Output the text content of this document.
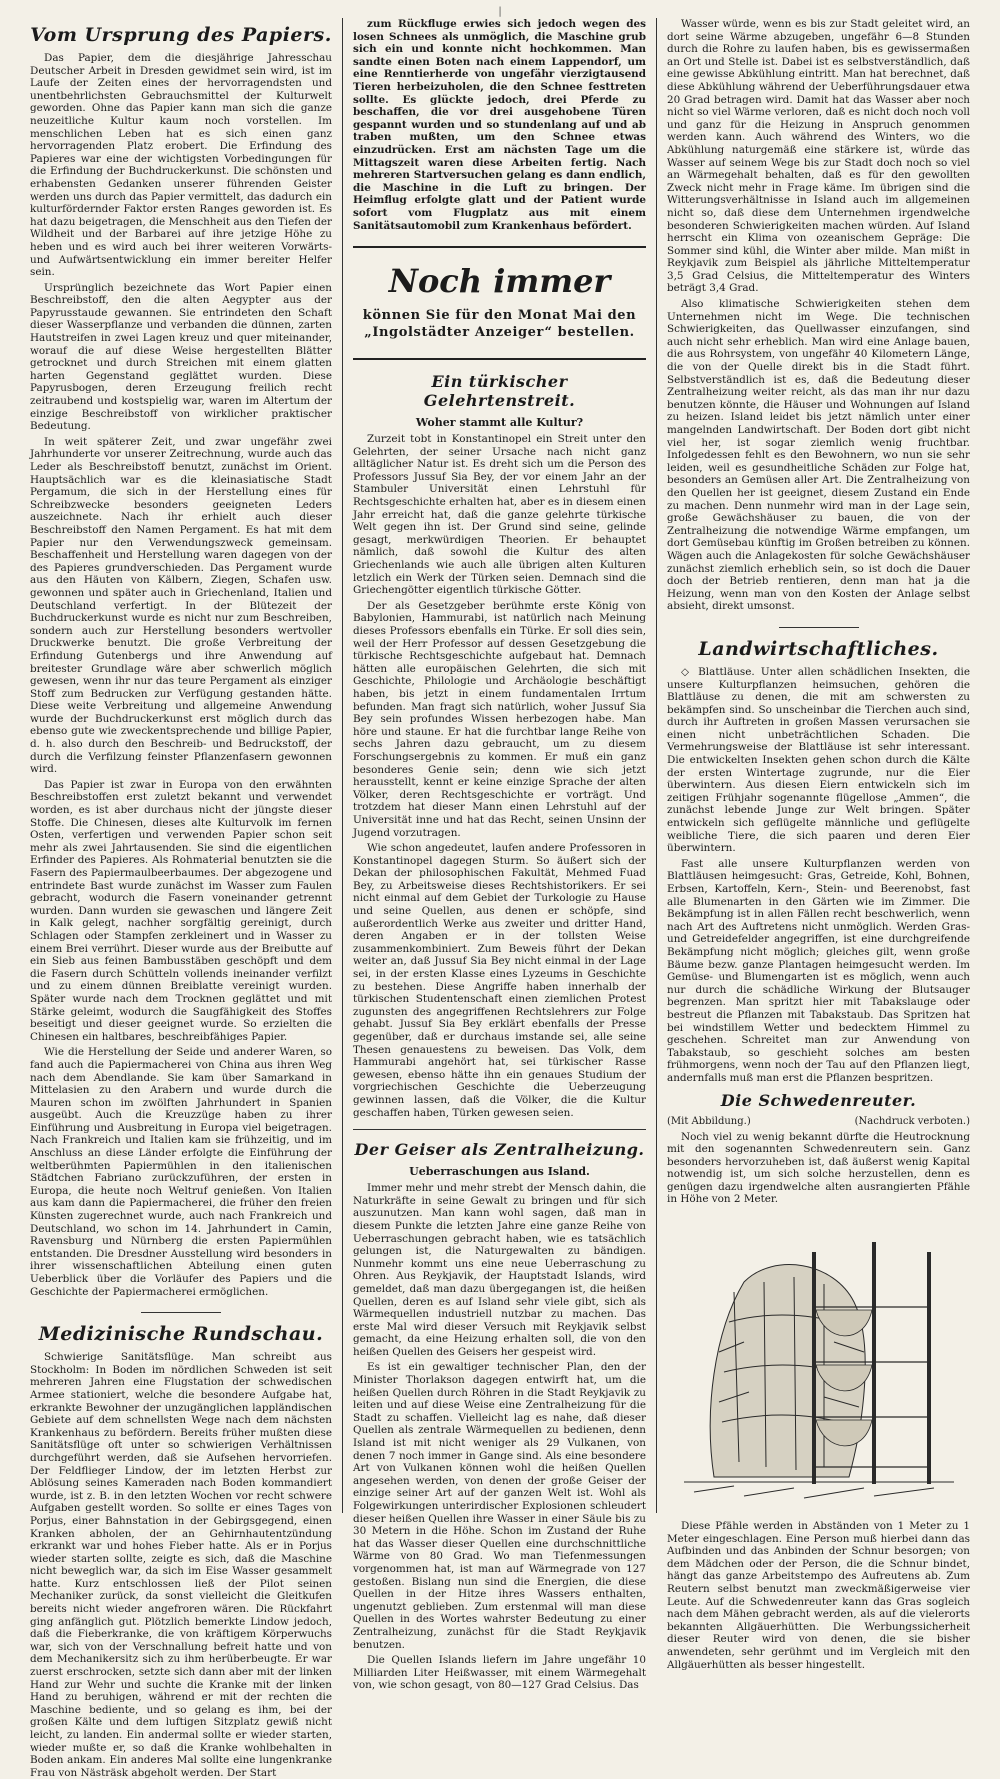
|
Vom Ursprung des Papiers.

Das Papier, dem die diesjährige Jahresschau Deutscher Arbeit in Dresden gewidmet sein wird, ist im Laufe der Zeiten eines der hervorragendsten und unentbehrlichsten Gebrauchsmittel der Kulturwelt geworden. Ohne das Papier kann man sich die ganze neuzeitliche Kultur kaum noch vorstellen. Im menschlichen Leben hat es sich einen ganz hervorragenden Platz erobert. Die Erfindung des Papieres war eine der wichtigsten Vorbedingungen für die Erfindung der Buchdruckerkunst. Die schönsten und erhabensten Gedanken unserer führenden Geister werden uns durch das Papier vermittelt, das dadurch ein kulturfördernder Faktor ersten Ranges geworden ist. Es hat dazu beigetragen, die Menschheit aus den Tiefen der Wildheit und der Barbarei auf ihre jetzige Höhe zu heben und es wird auch bei ihrer weiteren Vorwärts- und Aufwärtsentwicklung ein immer bereiter Helfer sein.

Ursprünglich bezeichnete das Wort Papier einen Beschreibstoff, den die alten Aegypter aus der Papyrusstaude gewannen. Sie entrindeten den Schaft dieser Wasserpflanze und verbanden die dünnen, zarten Hautstreifen in zwei Lagen kreuz und quer miteinander, worauf die auf diese Weise hergestellten Blätter getrocknet und durch Streichen mit einem glatten harten Gegenstand geglättet wurden. Diese Papyrusbogen, deren Erzeugung freilich recht zeitraubend und kostspielig war, waren im Altertum der einzige Beschreibstoff von wirklicher praktischer Bedeutung.

In weit späterer Zeit, und zwar ungefähr zwei Jahrhunderte vor unserer Zeitrechnung, wurde auch das Leder als Beschreibstoff benutzt, zunächst im Orient. Hauptsächlich war es die kleinasiatische Stadt Pergamum, die sich in der Herstellung eines für Schreibzwecke besonders geeigneten Leders auszeichnete. Nach ihr erhielt auch dieser Beschreibstoff den Namen Pergament. Es hat mit dem Papier nur den Verwendungszweck gemeinsam. Beschaffenheit und Herstellung waren dagegen von der des Papieres grundverschieden. Das Pergament wurde aus den Häuten von Kälbern, Ziegen, Schafen usw. gewonnen und später auch in Griechenland, Italien und Deutschland verfertigt. In der Blütezeit der Buchdruckerkunst wurde es nicht nur zum Beschreiben, sondern auch zur Herstellung besonders wertvoller Druckwerke benutzt. Die große Verbreitung der Erfindung Gutenbergs und ihre Anwendung auf breitester Grundlage wäre aber schwerlich möglich gewesen, wenn ihr nur das teure Pergament als einziger Stoff zum Bedrucken zur Verfügung gestanden hätte. Diese weite Verbreitung und allgemeine Anwendung wurde der Buchdruckerkunst erst möglich durch das ebenso gute wie zweckentsprechende und billige Papier, d. h. also durch den Beschreib- und Bedruckstoff, der durch die Verfilzung feinster Pflanzenfasern gewonnen wird.

Das Papier ist zwar in Europa von den erwähnten Beschreibstoffen erst zuletzt bekannt und verwendet worden, es ist aber durchaus nicht der jüngste dieser Stoffe. Die Chinesen, dieses alte Kulturvolk im fernen Osten, verfertigen und verwenden Papier schon seit mehr als zwei Jahrtausenden. Sie sind die eigentlichen Erfinder des Papieres. Als Rohmaterial benutzten sie die Fasern des Papiermaulbeerbaumes. Der abgezogene und entrindete Bast wurde zunächst im Wasser zum Faulen gebracht, wodurch die Fasern voneinander getrennt wurden. Dann wurden sie gewaschen und längere Zeit in Kalk gelegt, nachher sorgfältig gereinigt, durch Schlagen oder Stampfen zerkleinert und in Wasser zu einem Brei verrührt. Dieser wurde aus der Breibutte auf ein Sieb aus feinen Bambusstäben geschöpft und dem die Fasern durch Schütteln vollends ineinander verfilzt und zu einem dünnen Breiblatte vereinigt wurden. Später wurde nach dem Trocknen geglättet und mit Stärke geleimt, wodurch die Saugfähigkeit des Stoffes beseitigt und dieser geeignet wurde. So erzielten die Chinesen ein haltbares, beschreibfähiges Papier.

Wie die Herstellung der Seide und anderer Waren, so fand auch die Papiermacherei von China aus ihren Weg nach dem Abendlande. Sie kam über Samarkand in Mittelasien zu den Arabern und wurde durch die Mauren schon im zwölften Jahrhundert in Spanien ausgeübt. Auch die Kreuzzüge haben zu ihrer Einführung und Ausbreitung in Europa viel beigetragen. Nach Frankreich und Italien kam sie frühzeitig, und im Anschluss an diese Länder erfolgte die Einführung der weltberühmten Papiermühlen in den italienischen Städtchen Fabriano zurückzuführen, der ersten in Europa, die heute noch Weltruf genießen. Von Italien aus kam dann die Papiermacherei, die früher den freien Künsten zugerechnet wurde, auch nach Frankreich und Deutschland, wo schon im 14. Jahrhundert in Camin, Ravensburg und Nürnberg die ersten Papiermühlen entstanden. Die Dresdner Ausstellung wird besonders in ihrer wissenschaftlichen Abteilung einen guten Ueberblick über die Vorläufer des Papiers und die Geschichte der Papiermacherei ermöglichen.

Medizinische Rundschau.

Schwierige Sanitätsflüge. Man schreibt aus Stockholm: In Boden im nördlichen Schweden ist seit mehreren Jahren eine Flugstation der schwedischen Armee stationiert, welche die besondere Aufgabe hat, erkrankte Bewohner der unzugänglichen lappländischen Gebiete auf dem schnellsten Wege nach dem nächsten Krankenhaus zu befördern. Bereits früher mußten diese Sanitätsflüge oft unter so schwierigen Verhältnissen durchgeführt werden, daß sie Aufsehen hervorriefen. Der Feldflieger Lindow, der im letzten Herbst zur Ablösung seines Kameraden nach Boden kommandiert wurde, ist z. B. in den letzten Wochen vor recht schwere Aufgaben gestellt worden. So sollte er eines Tages von Porjus, einer Bahnstation in der Gebirgsgegend, einen Kranken abholen, der an Gehirnhautentzündung erkrankt war und hohes Fieber hatte. Als er in Porjus wieder starten sollte, zeigte es sich, daß die Maschine nicht beweglich war, da sich im Eise Wasser gesammelt hatte. Kurz entschlossen ließ der Pilot seinen Mechaniker zurück, da sonst vielleicht die Gleitkufen bereits nicht wieder angefroren wären. Die Rückfahrt ging anfänglich gut. Plötzlich bemerkte Lindow jedoch, daß die Fieberkranke, die von kräftigem Körperwuchs war, sich von der Verschnallung befreit hatte und von dem Mechanikersitz sich zu ihm herüberbeugte. Er war zuerst erschrocken, setzte sich dann aber mit der linken Hand zur Wehr und suchte die Kranke mit der linken Hand zu beruhigen, während er mit der rechten die Maschine bediente, und so gelang es ihm, bei der großen Kälte und dem luftigen Sitzplatz gewiß nicht leicht, zu landen. Ein andermal sollte er wieder starten, wieder mußte er, so daß die Kranke wohlbehalten in Boden ankam. Ein anderes Mal sollte eine lungenkranke Frau von Nästräsk abgeholt werden. Der Start

zum Rückfluge erwies sich jedoch wegen des losen Schnees als unmöglich, die Maschine grub sich ein und konnte nicht hochkommen. Man sandte einen Boten nach einem Lappendorf, um eine Renntierherde von ungefähr vierzigtausend Tieren herbeizuholen, die den Schnee festtreten sollte. Es glückte jedoch, drei Pferde zu beschaffen, die vor drei ausgehobene Türen gespannt wurden und so stundenlang auf und ab traben mußten, um den Schnee etwas einzudrücken. Erst am nächsten Tage um die Mittagszeit waren diese Arbeiten fertig. Nach mehreren Startversuchen gelang es dann endlich, die Maschine in die Luft zu bringen. Der Heimflug erfolgte glatt und der Patient wurde sofort vom Flugplatz aus mit einem Sanitätsautomobil zum Krankenhaus befördert.

Noch immer
können Sie für den Monat Mai den
„Ingolstädter Anzeiger“ bestellen.
Ein türkischer Gelehrtenstreit.
Woher stammt alle Kultur?

Zurzeit tobt in Konstantinopel ein Streit unter den Gelehrten, der seiner Ursache nach nicht ganz alltäglicher Natur ist. Es dreht sich um die Person des Professors Jussuf Sia Bey, der vor einem Jahr an der Stambuler Universität einen Lehrstuhl für Rechtsgeschichte erhalten hat, aber es in diesem einen Jahr erreicht hat, daß die ganze gelehrte türkische Welt gegen ihn ist. Der Grund sind seine, gelinde gesagt, merkwürdigen Theorien. Er behauptet nämlich, daß sowohl die Kultur des alten Griechenlands wie auch alle übrigen alten Kulturen letzlich ein Werk der Türken seien. Demnach sind die Griechengötter eigentlich türkische Götter.

Der als Gesetzgeber berühmte erste König von Babylonien, Hammurabi, ist natürlich nach Meinung dieses Professors ebenfalls ein Türke. Er soll dies sein, weil der Herr Professor auf dessen Gesetzgebung die türkische Rechtsgeschichte aufgebaut hat. Demnach hätten alle europäischen Gelehrten, die sich mit Geschichte, Philologie und Archäologie beschäftigt haben, bis jetzt in einem fundamentalen Irrtum befunden. Man fragt sich natürlich, woher Jussuf Sia Bey sein profundes Wissen herbezogen habe. Man höre und staune. Er hat die furchtbar lange Reihe von sechs Jahren dazu gebraucht, um zu diesem Forschungsergebnis zu kommen. Er muß ein ganz besonderes Genie sein; denn wie sich jetzt herausstellt, kennt er keine einzige Sprache der alten Völker, deren Rechtsgeschichte er vorträgt. Und trotzdem hat dieser Mann einen Lehrstuhl auf der Universität inne und hat das Recht, seinen Unsinn der Jugend vorzutragen.

Wie schon angedeutet, laufen andere Professoren in Konstantinopel dagegen Sturm. So äußert sich der Dekan der philosophischen Fakultät, Mehmed Fuad Bey, zu Arbeitsweise dieses Rechtshistorikers. Er sei nicht einmal auf dem Gebiet der Turkologie zu Hause und seine Quellen, aus denen er schöpfe, sind außerordentlich Werke aus zweiter und dritter Hand, deren Angaben er in der tollsten Weise zusammenkombiniert. Zum Beweis führt der Dekan weiter an, daß Jussuf Sia Bey nicht einmal in der Lage sei, in der ersten Klasse eines Lyzeums in Geschichte zu bestehen. Diese Angriffe haben innerhalb der türkischen Studentenschaft einen ziemlichen Protest zugunsten des angegriffenen Rechtslehrers zur Folge gehabt. Jussuf Sia Bey erklärt ebenfalls der Presse gegenüber, daß er durchaus imstande sei, alle seine Thesen genauestens zu beweisen. Das Volk, dem Hammurabi angehört hat, sei türkischer Rasse gewesen, ebenso hätte ihn ein genaues Studium der vorgriechischen Geschichte die Ueberzeugung gewinnen lassen, daß die Völker, die die Kultur geschaffen haben, Türken gewesen seien.

Der Geiser als Zentralheizung.
Ueberraschungen aus Island.

Immer mehr und mehr strebt der Mensch dahin, die Naturkräfte in seine Gewalt zu bringen und für sich auszunutzen. Man kann wohl sagen, daß man in diesem Punkte die letzten Jahre eine ganze Reihe von Ueberraschungen gebracht haben, wie es tatsächlich gelungen ist, die Naturgewalten zu bändigen. Nunmehr kommt uns eine neue Ueberraschung zu Ohren. Aus Reykjavik, der Hauptstadt Islands, wird gemeldet, daß man dazu übergegangen ist, die heißen Quellen, deren es auf Island sehr viele gibt, sich als Wärmequellen industriell nutzbar zu machen. Das erste Mal wird dieser Versuch mit Reykjavik selbst gemacht, da eine Heizung erhalten soll, die von den heißen Quellen des Geisers her gespeist wird.

Es ist ein gewaltiger technischer Plan, den der Minister Thorlakson dagegen entwirft hat, um die heißen Quellen durch Röhren in die Stadt Reykjavik zu leiten und auf diese Weise eine Zentralheizung für die Stadt zu schaffen. Vielleicht lag es nahe, daß dieser Quellen als zentrale Wärmequellen zu bedienen, denn Island ist mit nicht weniger als 29 Vulkanen, von denen 7 noch immer in Gange sind. Als eine besondere Art von Vulkanen können wohl die heißen Quellen angesehen werden, von denen der große Geiser der einzige seiner Art auf der ganzen Welt ist. Wohl als Folgewirkungen unterirdischer Explosionen schleudert dieser heißen Quellen ihre Wasser in einer Säule bis zu 30 Metern in die Höhe. Schon im Zustand der Ruhe hat das Wasser dieser Quellen eine durchschnittliche Wärme von 80 Grad. Wo man Tiefenmessungen vorgenommen hat, ist man auf Wärmegrade von 127 gestoßen. Bislang nun sind die Energien, die diese Quellen in der Hitze ihres Wassers enthalten, ungenutzt geblieben. Zum erstenmal will man diese Quellen in des Wortes wahrster Bedeutung zu einer Zentralheizung, zunächst für die Stadt Reykjavik benutzen.

Die Quellen Islands liefern im Jahre ungefähr 10 Milliarden Liter Heißwasser, mit einem Wärmegehalt von, wie schon gesagt, von 80—127 Grad Celsius. Das

Wasser würde, wenn es bis zur Stadt geleitet wird, an dort seine Wärme abzugeben, ungefähr 6—8 Stunden durch die Rohre zu laufen haben, bis es gewissermaßen an Ort und Stelle ist. Dabei ist es selbstverständlich, daß eine gewisse Abkühlung eintritt. Man hat berechnet, daß diese Abkühlung während der Ueberführungsdauer etwa 20 Grad betragen wird. Damit hat das Wasser aber noch nicht so viel Wärme verloren, daß es nicht doch noch voll und ganz für die Heizung in Anspruch genommen werden kann. Auch während des Winters, wo die Abkühlung naturgemäß eine stärkere ist, würde das Wasser auf seinem Wege bis zur Stadt doch noch so viel an Wärmegehalt behalten, daß es für den gewollten Zweck nicht mehr in Frage käme. Im übrigen sind die Witterungsverhältnisse in Island auch im allgemeinen nicht so, daß diese dem Unternehmen irgendwelche besonderen Schwierigkeiten machen würden. Auf Island herrscht ein Klima von ozeanischem Gepräge: Die Sommer sind kühl, die Winter aber milde. Man mißt in Reykjavik zum Beispiel als jährliche Mitteltemperatur 3,5 Grad Celsius, die Mitteltemperatur des Winters beträgt 3,4 Grad.

Also klimatische Schwierigkeiten stehen dem Unternehmen nicht im Wege. Die technischen Schwierigkeiten, das Quellwasser einzufangen, sind auch nicht sehr erheblich. Man wird eine Anlage bauen, die aus Rohrsystem, von ungefähr 40 Kilometern Länge, die von der Quelle direkt bis in die Stadt führt. Selbstverständlich ist es, daß die Bedeutung dieser Zentralheizung weiter reicht, als das man ihr nur dazu benutzen könnte, die Häuser und Wohnungen auf Island zu heizen. Island leidet bis jetzt nämlich unter einer mangelnden Landwirtschaft. Der Boden dort gibt nicht viel her, ist sogar ziemlich wenig fruchtbar. Infolgedessen fehlt es den Bewohnern, wo nun sie sehr leiden, weil es gesundheitliche Schäden zur Folge hat, besonders an Gemüsen aller Art. Die Zentralheizung von den Quellen her ist geeignet, diesem Zustand ein Ende zu machen. Denn nunmehr wird man in der Lage sein, große Gewächshäuser zu bauen, die von der Zentralheizung die notwendige Wärme empfangen, um dort Gemüsebau künftig im Großen betreiben zu können. Wägen auch die Anlagekosten für solche Gewächshäuser zunächst ziemlich erheblich sein, so ist doch die Dauer doch der Betrieb rentieren, denn man hat ja die Heizung, wenn man von den Kosten der Anlage selbst absieht, direkt umsonst.

Landwirtschaftliches.

◇ Blattläuse. Unter allen schädlichen Insekten, die unsere Kulturpflanzen heimsuchen, gehören die Blattläuse zu denen, die mit am schwersten zu bekämpfen sind. So unscheinbar die Tierchen auch sind, durch ihr Auftreten in großen Massen verursachen sie einen nicht unbeträchtlichen Schaden. Die Vermehrungsweise der Blattläuse ist sehr interessant. Die entwickelten Insekten gehen schon durch die Kälte der ersten Wintertage zugrunde, nur die Eier überwintern. Aus diesen Eiern entwickeln sich im zeitigen Frühjahr sogenannte flügellose „Ammen“, die zunächst lebende Junge zur Welt bringen. Später entwickeln sich geflügelte männliche und geflügelte weibliche Tiere, die sich paaren und deren Eier überwintern.

Fast alle unsere Kulturpflanzen werden von Blattläusen heimgesucht: Gras, Getreide, Kohl, Bohnen, Erbsen, Kartoffeln, Kern-, Stein- und Beerenobst, fast alle Blumenarten in den Gärten wie im Zimmer. Die Bekämpfung ist in allen Fällen recht beschwerlich, wenn nach Art des Auftretens nicht unmöglich. Werden Gras- und Getreidefelder angegriffen, ist eine durchgreifende Bekämpfung nicht möglich; gleiches gilt, wenn große Bäume bezw. ganze Plantagen heimgesucht werden. Im Gemüse- und Blumengarten ist es möglich, wenn auch nur durch die schädliche Wirkung der Blutsauger begrenzen. Man spritzt hier mit Tabakslauge oder bestreut die Pflanzen mit Tabakstaub. Das Spritzen hat bei windstillem Wetter und bedecktem Himmel zu geschehen. Schreitet man zur Anwendung von Tabakstaub, so geschieht solches am besten frühmorgens, wenn noch der Tau auf den Pflanzen liegt, andernfalls muß man erst die Pflanzen bespritzen.

Die Schwedenreuter.
(Mit Abbildung.)	(Nachdruck verboten.)

Noch viel zu wenig bekannt dürfte die Heutrocknung mit den sogenannten Schwedenreutern sein. Ganz besonders hervorzuheben ist, daß äußerst wenig Kapital notwendig ist, um sich solche herzustellen, denn es genügen dazu irgendwelche alten ausrangierten Pfähle in Höhe von 2 Meter.

Diese Pfähle werden in Abständen von 1 Meter zu 1 Meter eingeschlagen. Eine Person muß hierbei dann das Aufbinden und das Anbinden der Schnur besorgen; von dem Mädchen oder der Person, die die Schnur bindet, hängt das ganze Arbeitstempo des Aufreutens ab. Zum Reutern selbst benutzt man zweckmäßigerweise vier Leute. Auf die Schwedenreuter kann das Gras sogleich nach dem Mähen gebracht werden, als auf die vielerorts bekannten Allgäuerhütten. Die Werbungssicherheit dieser Reuter wird von denen, die sie bisher anwendeten, sehr gerühmt und im Vergleich mit den Allgäuerhütten als besser hingestellt.
